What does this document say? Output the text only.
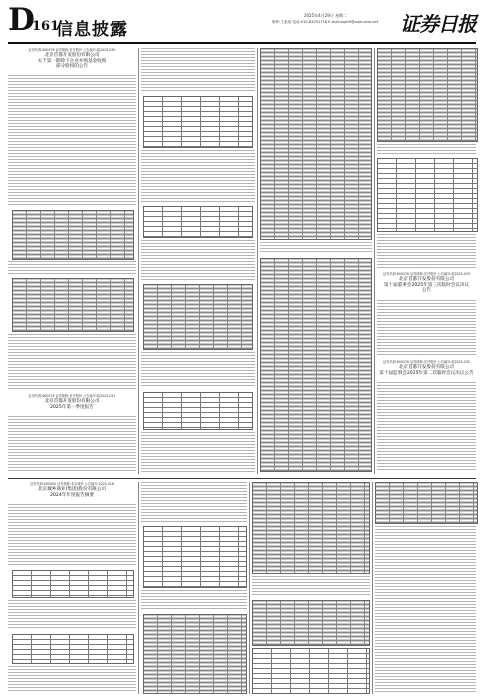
D
161
信息披露
2025年4月29日 星期二
制作:王某某 电话:010-83251716 E-mail:zqrb9@zqrb.sina.net 证券日报
证券代码:600376 证券简称:首开股份 公告编号:临2025-030
北京首都开发股份有限公司
关于第一期除下企业并购基金收购
部分股权的公告
证券代码:600376 证券简称:首开股份 公告编号:临2025-031
北京首都开发股份有限公司
2025年第一季度报告
证券代码:600376 证券简称:首开股份 公告编号:临2025-029
北京首都开发股份有限公司
第十届董事会2025年第三次临时会议决议
公告
证券代码:600376 证券简称:首开股份 公告编号:临2025-032
北京首都开发股份有限公司
第十届监事会2025年第二次临时会议决议公告
证券代码:000000 证券简称:北京城乡 公告编号:2025-018
北京城乡商业(集团)股份有限公司
2024年年度报告摘要
